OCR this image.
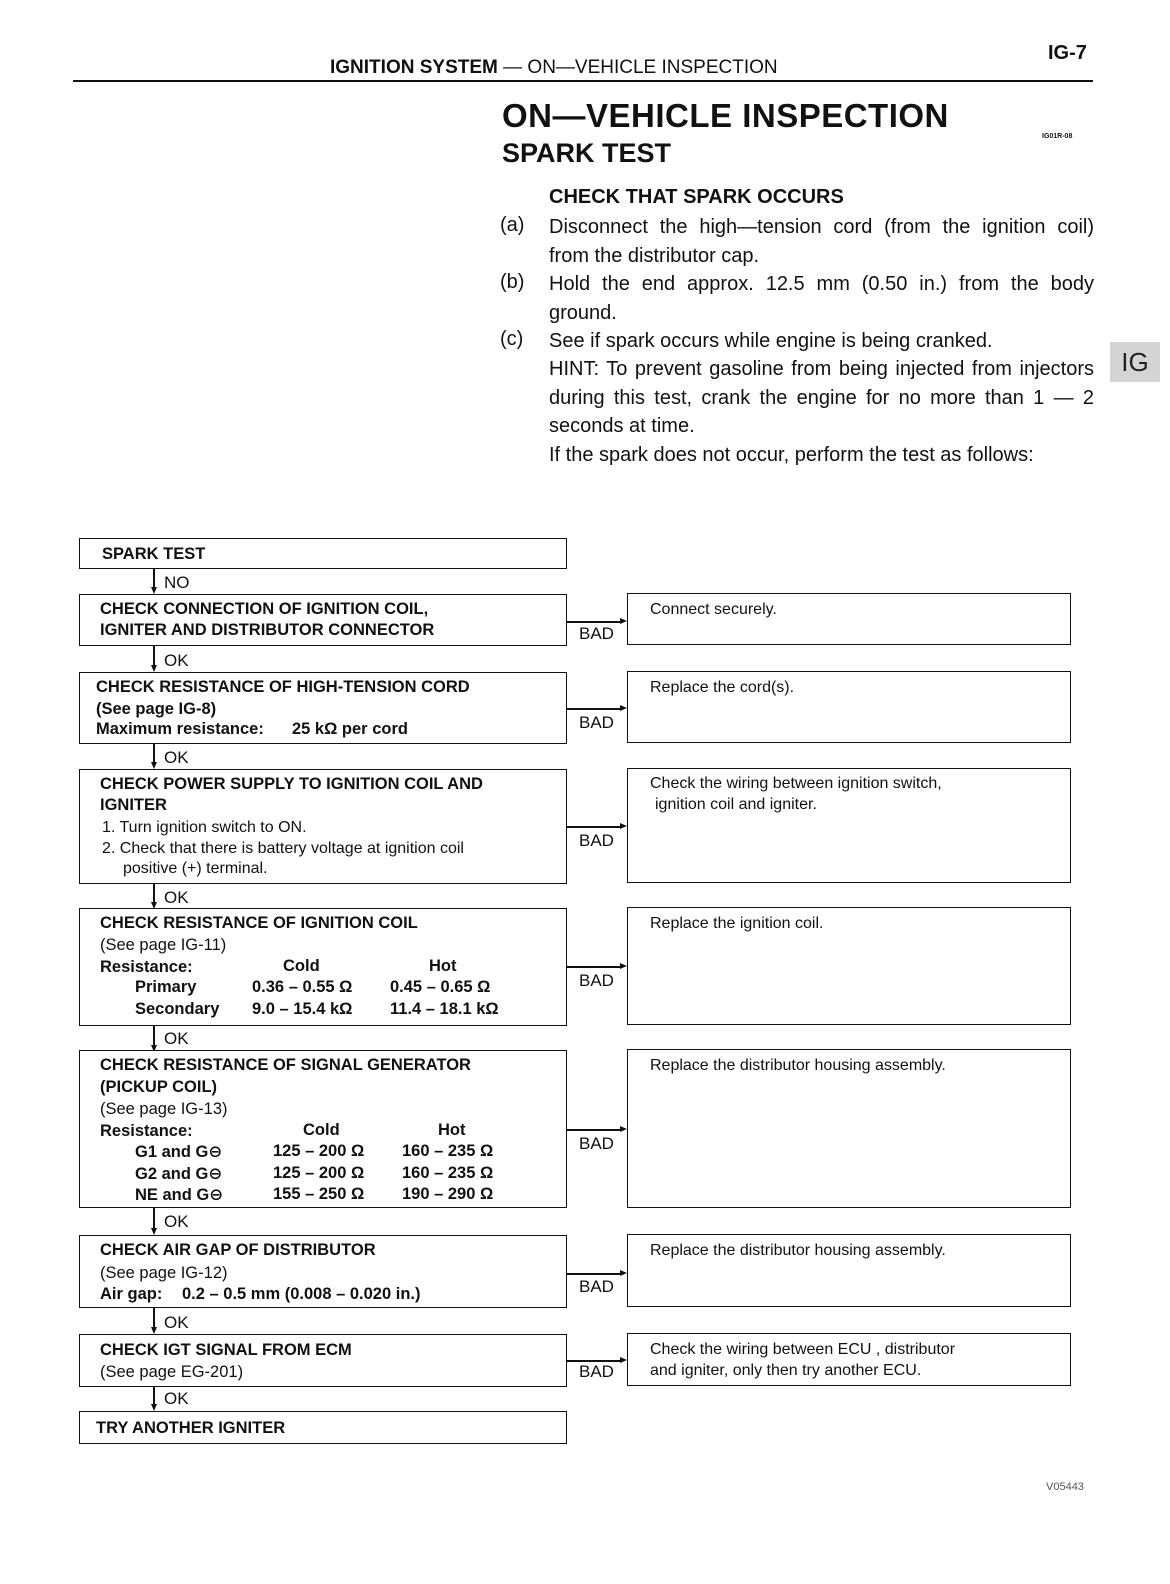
IGNITION SYSTEM — ON—VEHICLE INSPECTION
IG-7
ON—VEHICLE INSPECTION
SPARK TEST
IG01R-08
CHECK THAT SPARK OCCURS
(a) Disconnect the high—tension cord (from the ignition coil) from the distributor cap.
(b) Hold the end approx. 12.5 mm (0.50 in.) from the body ground.
(c) See if spark occurs while engine is being cranked.
HINT: To prevent gasoline from being injected from injectors during this test, crank the engine for no more than 1 — 2 seconds at time.
If the spark does not occur, perform the test as follows:
IG
SPARK TEST
NO
CHECK CONNECTION OF IGNITION COIL,
IGNITER AND DISTRIBUTOR CONNECTOR	BAD
Connect securely.
OK
CHECK RESISTANCE OF HIGH-TENSION CORD
(See page IG-8)
Maximum resistance: 25 kΩ per cord	BAD
Replace the cord(s).
OK
CHECK POWER SUPPLY TO IGNITION COIL AND
IGNITER
1. Turn ignition switch to ON.
2. Check that there is battery voltage at ignition coil
positive (+) terminal.
BAD
Check the wiring between ignition switch,
ignition coil and igniter.
OK
CHECK RESISTANCE OF IGNITION COIL
(See page IG-11)
Resistance:	Cold	Hot
Primary	0.36 – 0.55 Ω 0.45 – 0.65 Ω
Secondary 9.0 – 15.4 kΩ 11.4 – 18.1 kΩ
BAD
Replace the ignition coil.
OK
CHECK RESISTANCE OF SIGNAL GENERATOR
(PICKUP COIL)
(See page IG-13)
Resistance:	Cold	Hot
G1 and G⊖	125 – 200 Ω 160 – 235 Ω
G2 and G⊖	125 – 200 Ω 160 – 235 Ω
NE and G⊖	155 – 250 Ω 190 – 290 Ω
BAD
Replace the distributor housing assembly.
OK
CHECK AIR GAP OF DISTRIBUTOR
(See page IG-12)
Air gap: 0.2 – 0.5 mm (0.008 – 0.020 in.)	BAD
Replace the distributor housing assembly.
OK
CHECK IGT SIGNAL FROM ECM
(See page EG-201)	BAD
Check the wiring between ECU , distributor
and igniter, only then try another ECU.
OK
TRY ANOTHER IGNITER
V05443
